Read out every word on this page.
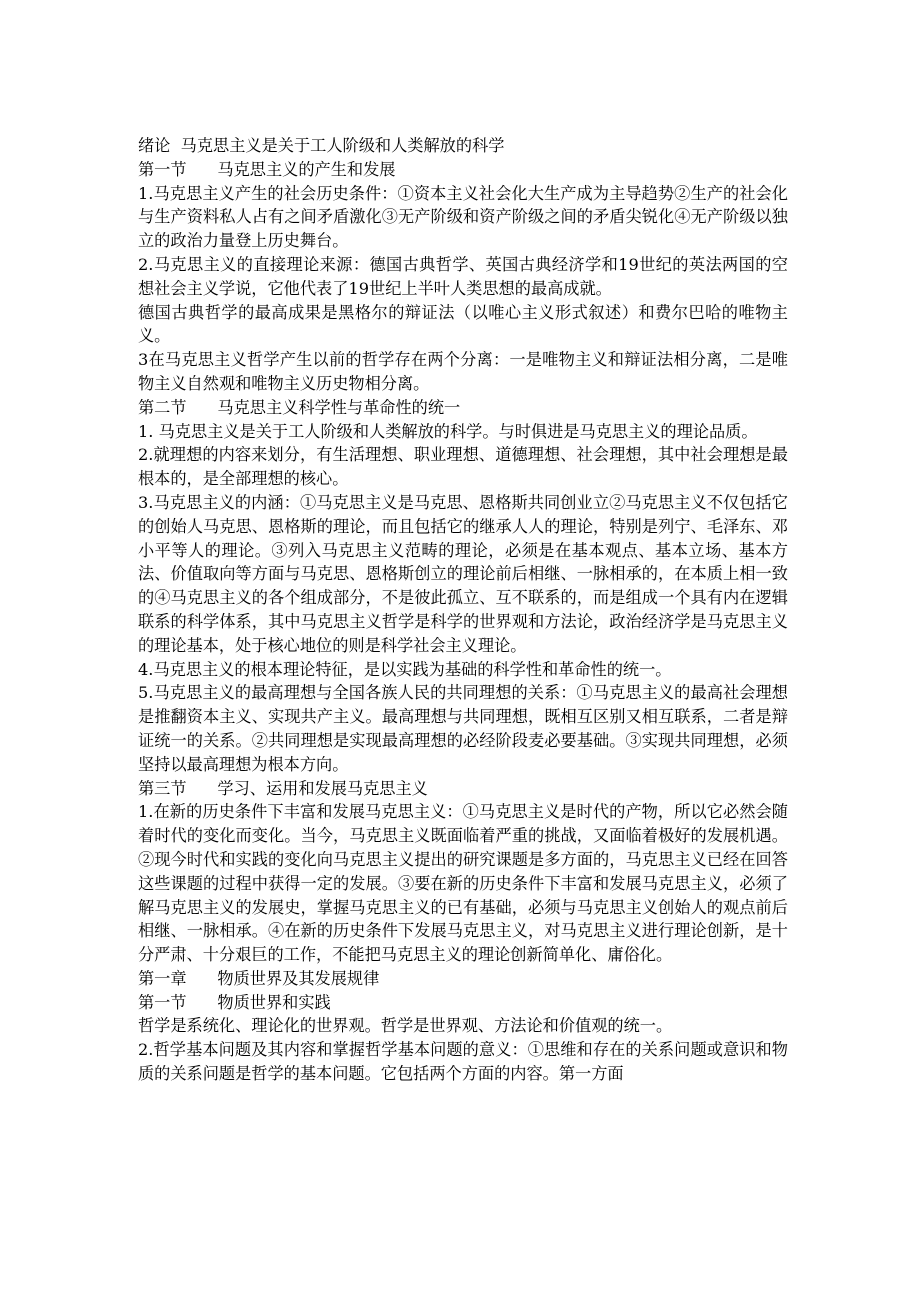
绪论  马克思主义是关于工人阶级和人类解放的科学

第一节      马克思主义的产生和发展

1.马克思主义产生的社会历史条件：①资本主义社会化大生产成为主导趋势②生产的社会化与生产资料私人占有之间矛盾激化③无产阶级和资产阶级之间的矛盾尖锐化④无产阶级以独立的政治力量登上历史舞台。

2.马克思主义的直接理论来源：德国古典哲学、英国古典经济学和19世纪的英法两国的空想社会主义学说，它他代表了19世纪上半叶人类思想的最高成就。

德国古典哲学的最高成果是黑格尔的辩证法（以唯心主义形式叙述）和费尔巴哈的唯物主义。

3在马克思主义哲学产生以前的哲学存在两个分离：一是唯物主义和辩证法相分离，二是唯物主义自然观和唯物主义历史物相分离。

第二节      马克思主义科学性与革命性的统一

1. 马克思主义是关于工人阶级和人类解放的科学。与时俱进是马克思主义的理论品质。

2.就理想的内容来划分，有生活理想、职业理想、道德理想、社会理想，其中社会理想是最根本的，是全部理想的核心。

3.马克思主义的内涵：①马克思主义是马克思、恩格斯共同创业立②马克思主义不仅包括它的创始人马克思、恩格斯的理论，而且包括它的继承人人的理论，特别是列宁、毛泽东、邓小平等人的理论。③列入马克思主义范畴的理论，必须是在基本观点、基本立场、基本方法、价值取向等方面与马克思、恩格斯创立的理论前后相继、一脉相承的，在本质上相一致的④马克思主义的各个组成部分，不是彼此孤立、互不联系的，而是组成一个具有内在逻辑联系的科学体系，其中马克思主义哲学是科学的世界观和方法论，政治经济学是马克思主义的理论基本，处于核心地位的则是科学社会主义理论。

4.马克思主义的根本理论特征，是以实践为基础的科学性和革命性的统一。

5.马克思主义的最高理想与全国各族人民的共同理想的关系：①马克思主义的最高社会理想是推翻资本主义、实现共产主义。最高理想与共同理想，既相互区别又相互联系，二者是辩证统一的关系。②共同理想是实现最高理想的必经阶段麦必要基础。③实现共同理想，必须坚持以最高理想为根本方向。

第三节      学习、运用和发展马克思主义

1.在新的历史条件下丰富和发展马克思主义：①马克思主义是时代的产物，所以它必然会随着时代的变化而变化。当今，马克思主义既面临着严重的挑战，又面临着极好的发展机遇。②现今时代和实践的变化向马克思主义提出的研究课题是多方面的，马克思主义已经在回答这些课题的过程中获得一定的发展。③要在新的历史条件下丰富和发展马克思主义，必须了解马克思主义的发展史，掌握马克思主义的已有基础，必须与马克思主义创始人的观点前后相继、一脉相承。④在新的历史条件下发展马克思主义，对马克思主义进行理论创新，是十分严肃、十分艰巨的工作，不能把马克思主义的理论创新简单化、庸俗化。

第一章      物质世界及其发展规律

第一节      物质世界和实践

哲学是系统化、理论化的世界观。哲学是世界观、方法论和价值观的统一。

2.哲学基本问题及其内容和掌握哲学基本问题的意义：①思维和存在的关系问题或意识和物质的关系问题是哲学的基本问题。它包括两个方面的内容。第一方面
